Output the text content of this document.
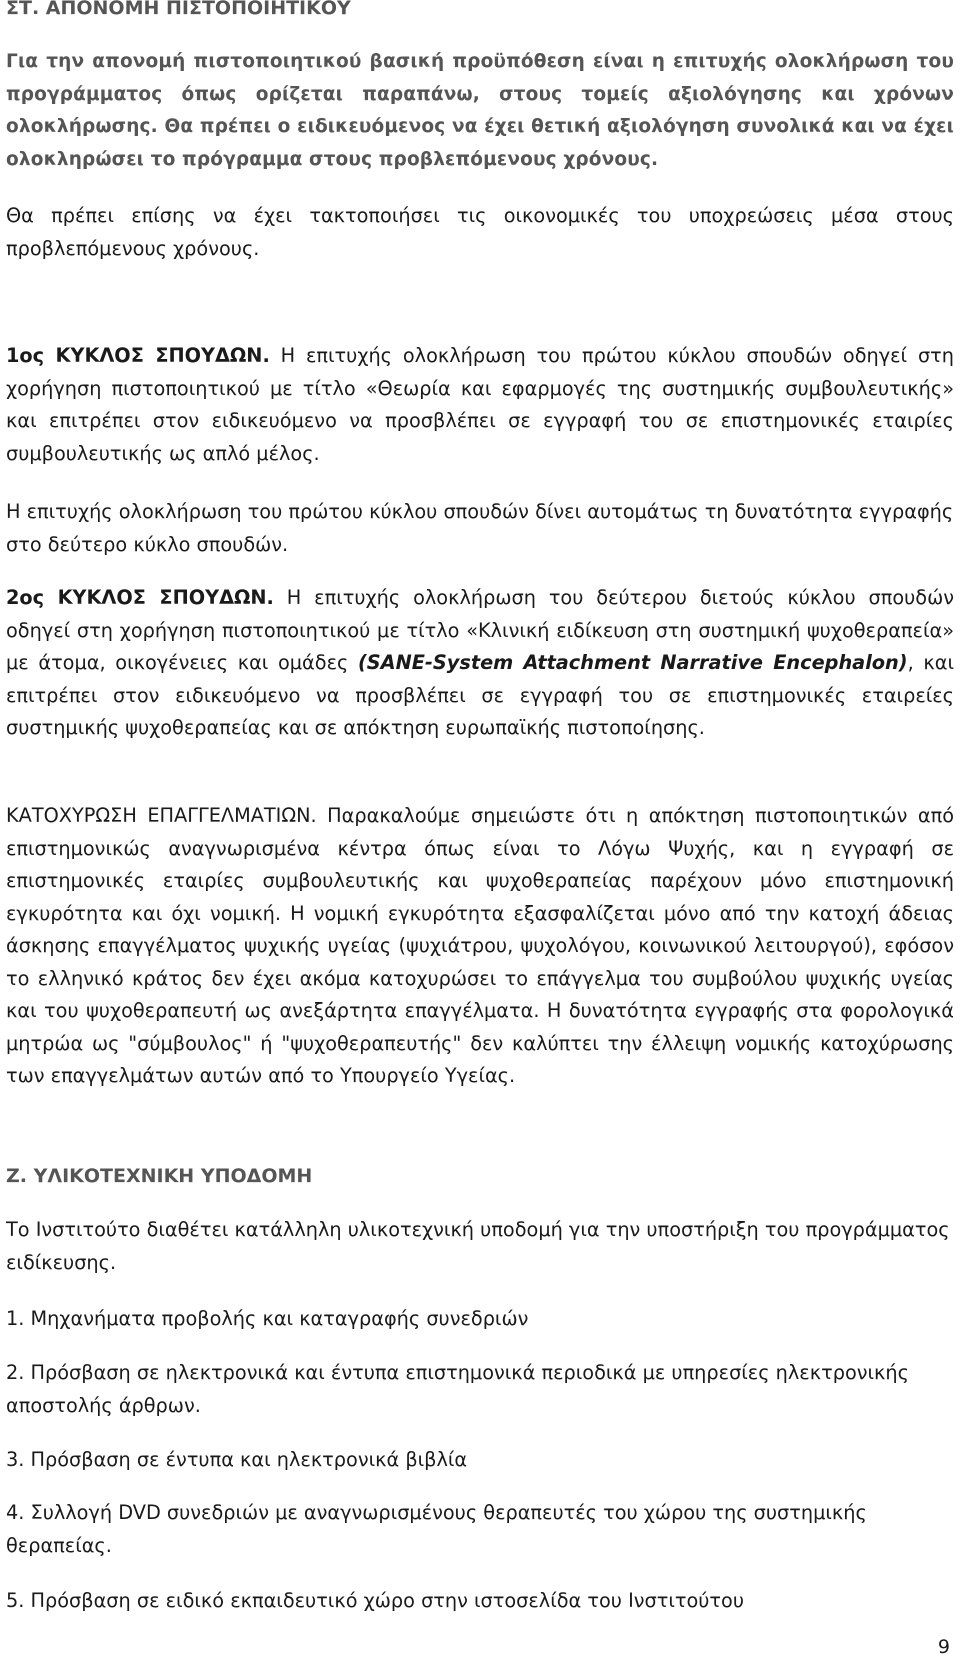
ΣΤ. ΑΠΟΝΟΜΗ ΠΙΣΤΟΠΟΙΗΤΙΚΟΥ

Για την απονομή πιστοποιητικού βασική προϋπόθεση είναι η επιτυχής ολοκλήρωση του προγράμματος όπως ορίζεται παραπάνω, στους τομείς αξιολόγησης και χρόνων ολοκλήρωσης. Θα πρέπει ο ειδικευόμενος να έχει θετική αξιολόγηση συνολικά και να έχει ολοκληρώσει το πρόγραμμα στους προβλεπόμενους χρόνους.

Θα πρέπει επίσης να έχει τακτοποιήσει τις οικονομικές του υποχρεώσεις μέσα στους προβλεπόμενους χρόνους.

1ος ΚΥΚΛΟΣ ΣΠΟΥΔΩΝ. Η επιτυχής ολοκλήρωση του πρώτου κύκλου σπουδών οδηγεί στη χορήγηση πιστοποιητικού με τίτλο «Θεωρία και εφαρμογές της συστημικής συμβουλευτικής» και επιτρέπει στον ειδικευόμενο να προσβλέπει σε εγγραφή του σε επιστημονικές εταιρίες συμβουλευτικής ως απλό μέλος.

Η επιτυχής ολοκλήρωση του πρώτου κύκλου σπουδών δίνει αυτομάτως τη δυνατότητα εγγραφής στο δεύτερο κύκλο σπουδών.

2ος ΚΥΚΛΟΣ ΣΠΟΥΔΩΝ. Η επιτυχής ολοκλήρωση του δεύτερου διετούς κύκλου σπουδών οδηγεί στη χορήγηση πιστοποιητικού με τίτλο «Κλινική ειδίκευση στη συστημική ψυχοθεραπεία» με άτομα, οικογένειες και ομάδες (SANE-System Attachment Narrative Encephalon), και επιτρέπει στον ειδικευόμενο να προσβλέπει σε εγγραφή του σε επιστημονικές εταιρείες συστημικής ψυχοθεραπείας και σε απόκτηση ευρωπαϊκής πιστοποίησης.

ΚΑΤΟΧΥΡΩΣΗ ΕΠΑΓΓΕΛΜΑΤΙΩΝ. Παρακαλούμε σημειώστε ότι η απόκτηση πιστοποιητικών από επιστημονικώς αναγνωρισμένα κέντρα όπως είναι το Λόγω Ψυχής, και η εγγραφή σε επιστημονικές εταιρίες συμβουλευτικής και ψυχοθεραπείας παρέχουν μόνο επιστημονική εγκυρότητα και όχι νομική. Η νομική εγκυρότητα εξασφαλίζεται μόνο από την κατοχή άδειας άσκησης επαγγέλματος ψυχικής υγείας (ψυχιάτρου, ψυχολόγου, κοινωνικού λειτουργού), εφόσον το ελληνικό κράτος δεν έχει ακόμα κατοχυρώσει το επάγγελμα του συμβούλου ψυχικής υγείας και του ψυχοθεραπευτή ως ανεξάρτητα επαγγέλματα. Η δυνατότητα εγγραφής στα φορολογικά μητρώα ως "σύμβουλος" ή "ψυχοθεραπευτής" δεν καλύπτει την έλλειψη νομικής κατοχύρωσης των επαγγελμάτων αυτών από το Υπουργείο Υγείας.

Ζ. ΥΛΙΚΟΤΕΧΝΙΚΗ ΥΠΟΔΟΜΗ

Το Ινστιτούτο διαθέτει κατάλληλη υλικοτεχνική υποδομή για την υποστήριξη του προγράμματος ειδίκευσης.

1. Μηχανήματα προβολής και καταγραφής συνεδριών

2. Πρόσβαση σε ηλεκτρονικά και έντυπα επιστημονικά περιοδικά με υπηρεσίες ηλεκτρονικής αποστολής άρθρων.

3. Πρόσβαση σε έντυπα και ηλεκτρονικά βιβλία

4. Συλλογή DVD συνεδριών με αναγνωρισμένους θεραπευτές του χώρου της συστημικής θεραπείας.

5. Πρόσβαση σε ειδικό εκπαιδευτικό χώρο στην ιστοσελίδα του Ινστιτούτου

9
